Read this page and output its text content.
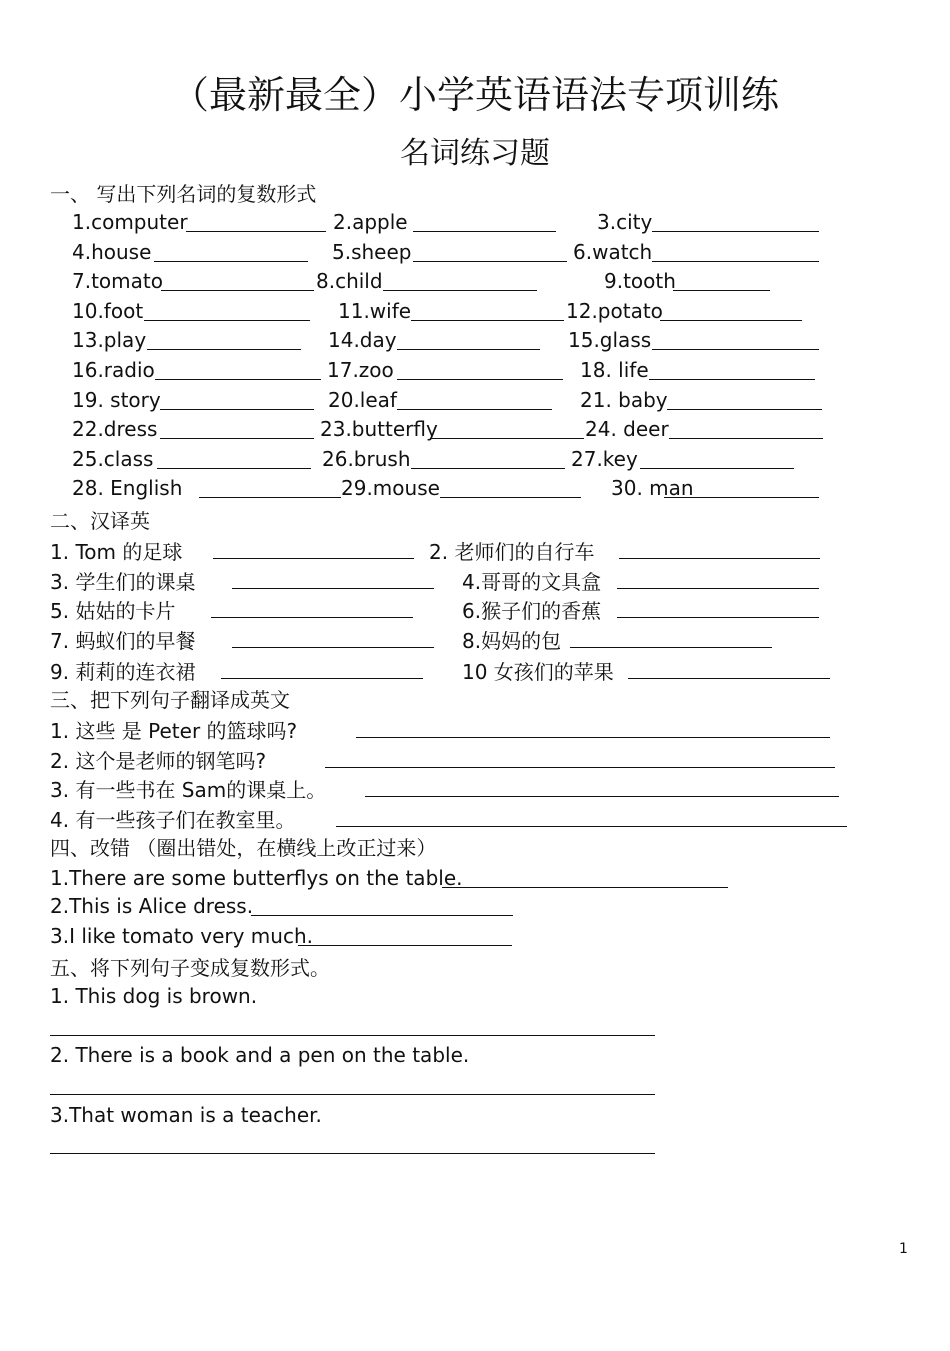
（最新最全）小学英语语法专项训练
名词练习题
一、 写出下列名词的复数形式
1.computer	2.apple	3.city
4.house	5.sheep	6.watch
7.tomato	8.child	9.tooth
10.foot	11.wife	12.potato
13.play	14.day	15.glass
16.radio	17.zoo	18. life
19. story	20.leaf	21. baby
22.dress	23.butterfly	24. deer
25.class	26.brush	27.key
28. English	29.mouse	30. man
二、汉译英
1. Tom 的足球	2. 老师们的自行车
3. 学生们的课桌	4.哥哥的文具盒
5. 姑姑的卡片	6.猴子们的香蕉
7. 蚂蚁们的早餐	8.妈妈的包
9. 莉莉的连衣裙	10 女孩们的苹果
三、把下列句子翻译成英文
1. 这些 是 Peter 的篮球吗?
2. 这个是老师的钢笔吗?
3. 有一些书在 Sam的课桌上。
4. 有一些孩子们在教室里。
四、改错 （圈出错处，在横线上改正过来）
1.There are some butterflys on the table.
2.This is Alice dress.
3.I like tomato very much.
五、将下列句子变成复数形式。
1. This dog is brown.
2. There is a book and a pen on the table.
3.That woman is a teacher.
1
